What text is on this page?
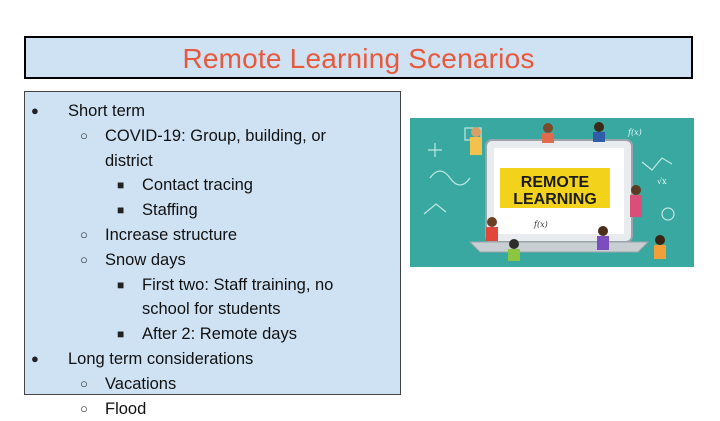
Remote Learning Scenarios
● Short term
○ COVID-19: Group, building, or district
■ Contact tracing
■ Staffing
○ Increase structure
○ Snow days
■ First two: Staff training, no school for students
■ After 2: Remote days
● Long term considerations
○ Vacations
○ Flood
f(x)
√x
REMOTE
LEARNING
f(x)
